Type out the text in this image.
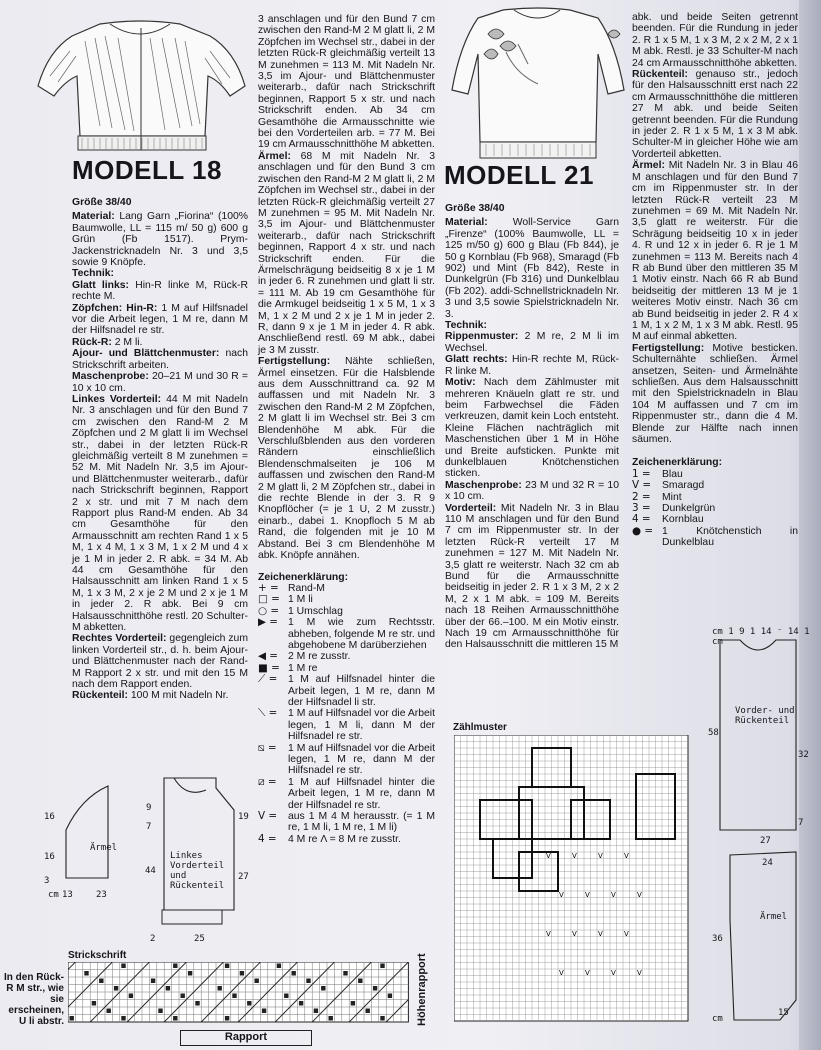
MODELL 18

Größe 38/40

Material: Lang Garn „Fiorina“ (100% Baumwolle, LL = 115 m/ 50 g) 600 g Grün (Fb 1517). Prym-Jackenstricknadeln Nr. 3 und 3,5 sowie 9 Knöpfe.

Technik:

Glatt links: Hin-R linke M, Rück-R rechte M.

Zöpfchen: Hin-R: 1 M auf Hilfsnadel vor die Arbeit legen, 1 M re, dann M der Hilfsnadel re str.

Rück-R: 2 M li.

Ajour- und Blättchenmuster: nach Strickschrift arbeiten.

Maschenprobe: 20–21 M und 30 R = 10 x 10 cm.

Linkes Vorderteil: 44 M mit Nadeln Nr. 3 anschlagen und für den Bund 7 cm zwischen den Rand-M 2 M Zöpfchen und 2 M glatt li im Wechsel str., dabei in der letzten Rück-R gleichmäßig verteilt 8 M zunehmen = 52 M. Mit Nadeln Nr. 3,5 im Ajour- und Blättchenmuster weiterarb., dafür nach Strickschrift beginnen, Rapport 2 x str. und mit 7 M nach dem Rapport plus Rand-M enden. Ab 34 cm Gesamthöhe für den Armausschnitt am rechten Rand 1 x 5 M, 1 x 4 M, 1 x 3 M, 1 x 2 M und 4 x je 1 M in jeder 2. R abk. = 34 M. Ab 44 cm Gesamthöhe für den Halsausschnitt am linken Rand 1 x 5 M, 1 x 3 M, 2 x je 2 M und 2 x je 1 M in jeder 2. R abk. Bei 9 cm Halsausschnitthöhe restl. 20 Schulter-M abketten.

Rechtes Vorderteil: gegengleich zum linken Vorderteil str., d. h. beim Ajour- und Blättchenmuster nach der Rand-M Rapport 2 x str. und mit den 15 M nach dem Rapport enden.

Rückenteil: 100 M mit Nadeln Nr.

3 anschlagen und für den Bund 7 cm zwischen den Rand-M 2 M glatt li, 2 M Zöpfchen im Wechsel str., dabei in der letzten Rück-R gleichmäßig verteilt 13 M zunehmen = 113 M. Mit Nadeln Nr. 3,5 im Ajour- und Blättchenmuster weiterarb., dafür nach Strickschrift beginnen, Rapport 5 x str. und nach Strickschrift enden. Ab 34 cm Gesamthöhe die Armausschnitte wie bei den Vorderteilen arb. = 77 M. Bei 19 cm Armausschnitthöhe M abketten.

Ärmel: 68 M mit Nadeln Nr. 3 anschlagen und für den Bund 3 cm zwischen den Rand-M 2 M glatt li, 2 M Zöpfchen im Wechsel str., dabei in der letzten Rück-R gleichmäßig verteilt 27 M zunehmen = 95 M. Mit Nadeln Nr. 3,5 im Ajour- und Blättchenmuster weiterarb., dafür nach Strickschrift beginnen, Rapport 4 x str. und nach Strickschrift enden. Für die Ärmelschrägung beidseitig 8 x je 1 M in jeder 6. R zunehmen und glatt li str. = 111 M. Ab 19 cm Gesamthöhe für die Armkugel beidseitig 1 x 5 M, 1 x 3 M, 1 x 2 M und 2 x je 1 M in jeder 2. R, dann 9 x je 1 M in jeder 4. R abk. Anschließend restl. 69 M abk., dabei je 3 M zusstr.

Fertigstellung: Nähte schließen, Ärmel einsetzen. Für die Halsblende aus dem Ausschnittrand ca. 92 M auffassen und mit Nadeln Nr. 3 zwischen den Rand-M 2 M Zöpfchen, 2 M glatt li im Wechsel str. Bei 3 cm Blendenhöhe M abk. Für die Verschlußblenden aus den vorderen Rändern einschließlich Blendenschmalseiten je 106 M auffassen und zwischen den Rand-M 2 M glatt li, 2 M Zöpfchen str., dabei in die rechte Blende in der 3. R 9 Knopflöcher (= je 1 U, 2 M zusstr.) einarb., dabei 1. Knopfloch 5 M ab Rand, die folgenden mit je 10 M Abstand. Bei 3 cm Blendenhöhe M abk. Knöpfe annähen.

Zeichenerklärung:

+ = Rand-M
□ = 1 M li
○ = 1 Umschlag
▶ = 1 M wie zum Rechtsstr. abheben, folgende M re str. und abgehobene M darüberziehen
◀ = 2 M re zusstr.
■ = 1 M re
⟋ =	1 M auf Hilfsnadel hinter die Arbeit legen, 1 M re, dann M der Hilfsnadel li str.
⟍ =	1 M auf Hilfsnadel vor die Arbeit legen, 1 M li, dann M der Hilfsnadel re str.
⧅ =	1 M auf Hilfsnadel vor die Arbeit legen, 1 M re, dann M der Hilfsnadel re str.
⧄ =	1 M auf Hilfsnadel hinter die Arbeit legen, 1 M re, dann M der Hilfsnadel re str.
V =	aus 1 M 4 M herausstr. (= 1 M re, 1 M li, 1 M re, 1 M li)
4 =	4 M re Λ = 8 M re zusstr.
Ärmel
Linkes Vorderteil und Rückenteil
16
16
3
23
cm 13
9
7
19
27
44
25
2
Strickschrift
In den Rück-R M str., wie sie erscheinen, U li abstr.
Rapport
Höhenrapport
MODELL 21

Größe 38/40

Material: Woll-Service Garn „Firenze“ (100% Baumwolle, LL = 125 m/50 g) 600 g Blau (Fb 844), je 50 g Kornblau (Fb 968), Smaragd (Fb 902) und Mint (Fb 842), Reste in Dunkelgrün (Fb 316) und Dunkelblau (Fb 202). addi-Schnellstricknadeln Nr. 3 und 3,5 sowie Spielstricknadeln Nr. 3.

Technik:

Rippenmuster: 2 M re, 2 M li im Wechsel.

Glatt rechts: Hin-R rechte M, Rück-R linke M.

Motiv: Nach dem Zählmuster mit mehreren Knäueln glatt re str. und beim Farbwechsel die Fäden verkreuzen, damit kein Loch entsteht. Kleine Flächen nachträglich mit Maschenstichen über 1 M in Höhe und Breite aufsticken. Punkte mit dunkelblauen Knötchenstichen sticken.

Maschenprobe: 23 M und 32 R = 10 x 10 cm.

Vorderteil: Mit Nadeln Nr. 3 in Blau 110 M anschlagen und für den Bund 7 cm im Rippenmuster str. In der letzten Rück-R verteilt 17 M zunehmen = 127 M. Mit Nadeln Nr. 3,5 glatt re weiterstr. Nach 32 cm ab Bund für die Armausschnitte beidseitig in jeder 2. R 1 x 3 M, 2 x 2 M, 2 x 1 M abk. = 109 M. Bereits nach 18 Reihen Armausschnitthöhe über der 66.–100. M ein Motiv einstr. Nach 19 cm Armausschnitthöhe für den Halsausschnitt die mittleren 15 M

abk. und beide Seiten getrennt beenden. Für die Rundung in jeder 2. R 1 x 5 M, 1 x 3 M, 2 x 2 M, 2 x 1 M abk. Restl. je 33 Schulter-M nach 24 cm Armausschnitthöhe abketten.

Rückenteil: genauso str., jedoch für den Halsausschnitt erst nach 22 cm Armausschnitthöhe die mittleren 27 M abk. und beide Seiten getrennt beenden. Für die Rundung in jeder 2. R 1 x 5 M, 1 x 3 M abk. Schulter-M in gleicher Höhe wie am Vorderteil abketten.

Ärmel: Mit Nadeln Nr. 3 in Blau 46 M anschlagen und für den Bund 7 cm im Rippenmuster str. In der letzten Rück-R verteilt 23 M zunehmen = 69 M. Mit Nadeln Nr. 3,5 glatt re weiterstr. Für die Schrägung beidseitig 10 x in jeder 4. R und 12 x in jeder 6. R je 1 M zunehmen = 113 M. Bereits nach 4 R ab Bund über den mittleren 35 M 1 Motiv einstr. Nach 66 R ab Bund beidseitig der mittleren 13 M je 1 weiteres Motiv einstr. Nach 36 cm ab Bund beidseitig in jeder 2. R 4 x 1 M, 1 x 2 M, 1 x 3 M abk. Restl. 95 M auf einmal abketten.

Fertigstellung: Motive besticken. Schulternähte schließen. Ärmel ansetzen, Seiten- und Ärmelnähte schließen. Aus dem Halsausschnitt mit den Spielstricknadeln in Blau 104 M auffassen und 7 cm im Rippenmuster str., dann die 4 M. Blende zur Hälfte nach innen säumen.

Zeichenerklärung:

1 =	Blau
V =	Smaragd
2 =	Mint
3 =	Dunkelgrün
4 =	Kornblau
● = 1 Knötchenstich in Dunkelblau
Zählmuster
V	V	V	V
V	V	V	V
V	V	V	V
V	V	V	V
cm 1 9 1 14 ⁻ 14 1 cm
Vorder- und Rückenteil
58
32
27
7
24
Ärmel
36
15
cm
